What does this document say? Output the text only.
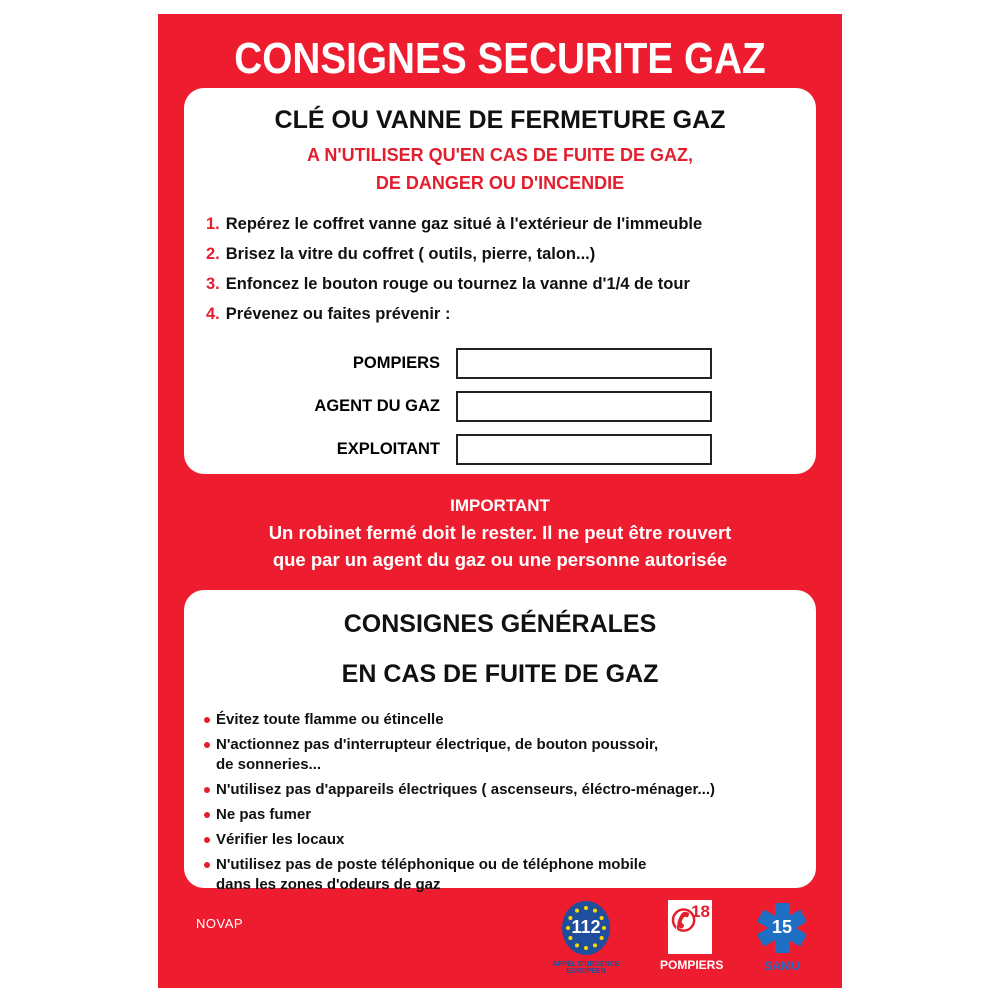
CONSIGNES SECURITE GAZ
CLÉ OU VANNE DE FERMETURE GAZ
A N'UTILISER QU'EN CAS DE FUITE DE GAZ,
DE DANGER OU D'INCENDIE
1. Repérez le coffret vanne gaz situé à l'extérieur de l'immeuble
2. Brisez la vitre du coffret ( outils, pierre, talon...)
3. Enfoncez le bouton rouge ou tournez la vanne d'1/4 de tour
4. Prévenez ou faites prévenir :
POMPIERS
AGENT DU GAZ
EXPLOITANT
IMPORTANT
Un robinet fermé doit le rester. Il ne peut être rouvert
que par un agent du gaz ou une personne autorisée
CONSIGNES GÉNÉRALES
EN CAS DE FUITE DE GAZ
Évitez toute flamme ou étincelle
N'actionnez pas d'interrupteur électrique, de bouton poussoir,
de sonneries...
N'utilisez pas d'appareils électriques ( ascenseurs, éléctro-ménager...)
Ne pas fumer
Vérifier les locaux
N'utilisez pas de poste téléphonique ou de téléphone mobile
dans les zones d'odeurs de gaz
NOVAP	112
APPEL D'URGENCE
EUROPÉEN
✆
18
POMPIERS
15
SAMU
